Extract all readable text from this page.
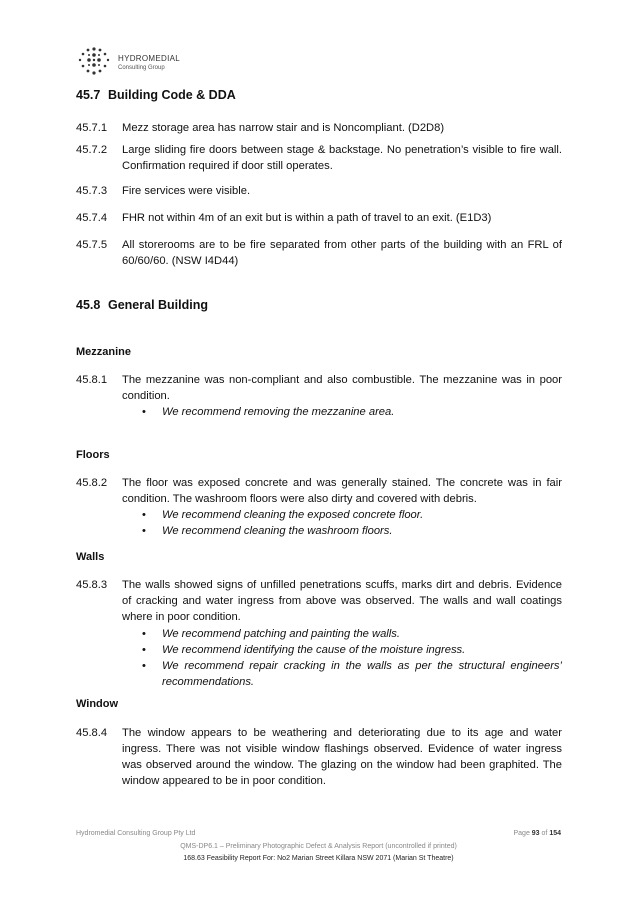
HYDROMEDIAL
Consulting Group
45.7 Building Code & DDA
45.7.1 Mezz storage area has narrow stair and is Noncompliant. (D2D8)
45.7.2 Large sliding fire doors between stage & backstage. No penetration’s visible to fire wall. Confirmation required if door still operates.
45.7.3 Fire services were visible.
45.7.4 FHR not within 4m of an exit but is within a path of travel to an exit. (E1D3)
45.7.5 All storerooms are to be fire separated from other parts of the building with an FRL of 60/60/60. (NSW I4D44)
45.8 General Building
Mezzanine
45.8.1 The mezzanine was non-compliant and also combustible. The mezzanine was in poor condition.
• We recommend removing the mezzanine area.
Floors
45.8.2 The floor was exposed concrete and was generally stained. The concrete was in fair condition. The washroom floors were also dirty and covered with debris.
• We recommend cleaning the exposed concrete floor.
• We recommend cleaning the washroom floors.
Walls
45.8.3 The walls showed signs of unfilled penetrations scuffs, marks dirt and debris. Evidence of cracking and water ingress from above was observed. The walls and wall coatings where in poor condition.
• We recommend patching and painting the walls.
• We recommend identifying the cause of the moisture ingress.
• We recommend repair cracking in the walls as per the structural engineers’ recommendations.
Window
45.8.4 The window appears to be weathering and deteriorating due to its age and water ingress. There was not visible window flashings observed. Evidence of water ingress was observed around the window. The glazing on the window had been graphited. The window appeared to be in poor condition.
Hydromedial Consulting Group Pty Ltd	Page 93 of 154
QMS-DP6.1 – Preliminary Photographic Defect & Analysis Report (uncontrolled if printed)
168.63 Feasibility Report For: No2 Marian Street Killara NSW 2071 (Marian St Theatre)
